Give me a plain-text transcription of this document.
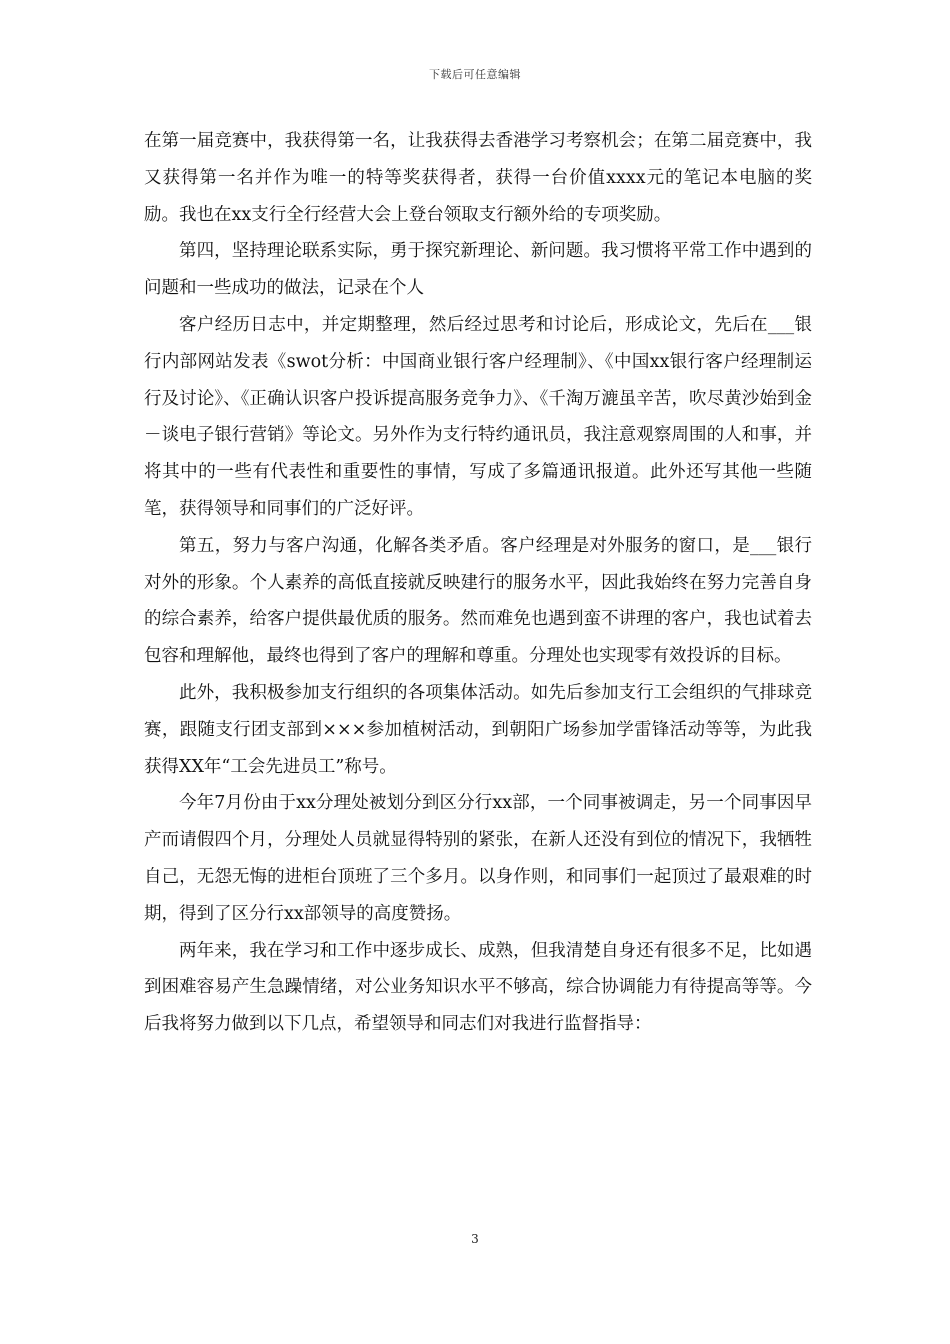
下载后可任意编辑

在第一届竞赛中，我获得第一名，让我获得去香港学习考察机会；在第二届竞赛中，我又获得第一名并作为唯一的特等奖获得者，获得一台价值xxxx元的笔记本电脑的奖励。我也在xx支行全行经营大会上登台领取支行额外给的专项奖励。

第四，坚持理论联系实际，勇于探究新理论、新问题。我习惯将平常工作中遇到的问题和一些成功的做法，记录在个人

客户经历日志中，并定期整理，然后经过思考和讨论后，形成论文，先后在___银行内部网站发表《swot分析：中国商业银行客户经理制》、《中国xx银行客户经理制运行及讨论》、《正确认识客户投诉提高服务竞争力》、《千淘万漉虽辛苦，吹尽黄沙始到金－谈电子银行营销》等论文。另外作为支行特约通讯员，我注意观察周围的人和事，并将其中的一些有代表性和重要性的事情，写成了多篇通讯报道。此外还写其他一些随笔，获得领导和同事们的广泛好评。

第五，努力与客户沟通，化解各类矛盾。客户经理是对外服务的窗口，是___银行对外的形象。个人素养的高低直接就反映建行的服务水平，因此我始终在努力完善自身的综合素养，给客户提供最优质的服务。然而难免也遇到蛮不讲理的客户，我也试着去包容和理解他，最终也得到了客户的理解和尊重。分理处也实现零有效投诉的目标。

此外，我积极参加支行组织的各项集体活动。如先后参加支行工会组织的气排球竞赛，跟随支行团支部到×××参加植树活动，到朝阳广场参加学雷锋活动等等，为此我获得XX年“工会先进员工”称号。

今年7月份由于xx分理处被划分到区分行xx部，一个同事被调走，另一个同事因早产而请假四个月，分理处人员就显得特别的紧张，在新人还没有到位的情况下，我牺牲自己，无怨无悔的进柜台顶班了三个多月。以身作则，和同事们一起顶过了最艰难的时期，得到了区分行xx部领导的高度赞扬。

两年来，我在学习和工作中逐步成长、成熟，但我清楚自身还有很多不足，比如遇到困难容易产生急躁情绪，对公业务知识水平不够高，综合协调能力有待提高等等。今后我将努力做到以下几点，希望领导和同志们对我进行监督指导：

3
